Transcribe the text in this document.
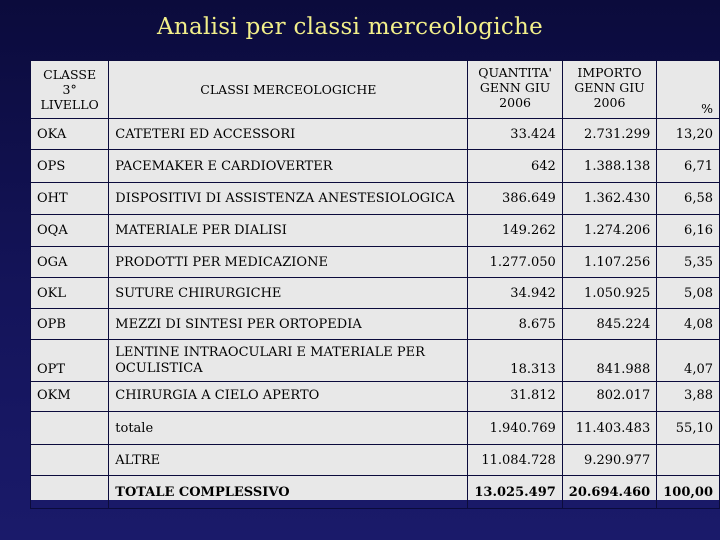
Analisi per classi merceologiche
CLASSE
3°
LIVELLO	CLASSI MERCEOLOGICHE	QUANTITA'
GENN GIU
2006	IMPORTO
GENN GIU
2006	%
OKA	CATETERI ED ACCESSORI	33.424	2.731.299	13,20
OPS	PACEMAKER E CARDIOVERTER	642	1.388.138	6,71
OHT	DISPOSITIVI DI ASSISTENZA ANESTESIOLOGICA	386.649	1.362.430	6,58
OQA	MATERIALE PER DIALISI	149.262	1.274.206	6,16
OGA	PRODOTTI PER MEDICAZIONE	1.277.050	1.107.256	5,35
OKL	SUTURE CHIRURGICHE	34.942	1.050.925	5,08
OPB	MEZZI DI SINTESI PER ORTOPEDIA	8.675	845.224	4,08
OPT	LENTINE INTRAOCULARI E MATERIALE PER OCULISTICA	18.313	841.988	4,07
OKM	CHIRURGIA A CIELO APERTO	31.812	802.017	3,88
	totale	1.940.769	11.403.483	55,10
	ALTRE	11.084.728	9.290.977	
	TOTALE COMPLESSIVO	13.025.497	20.694.460	100,00
